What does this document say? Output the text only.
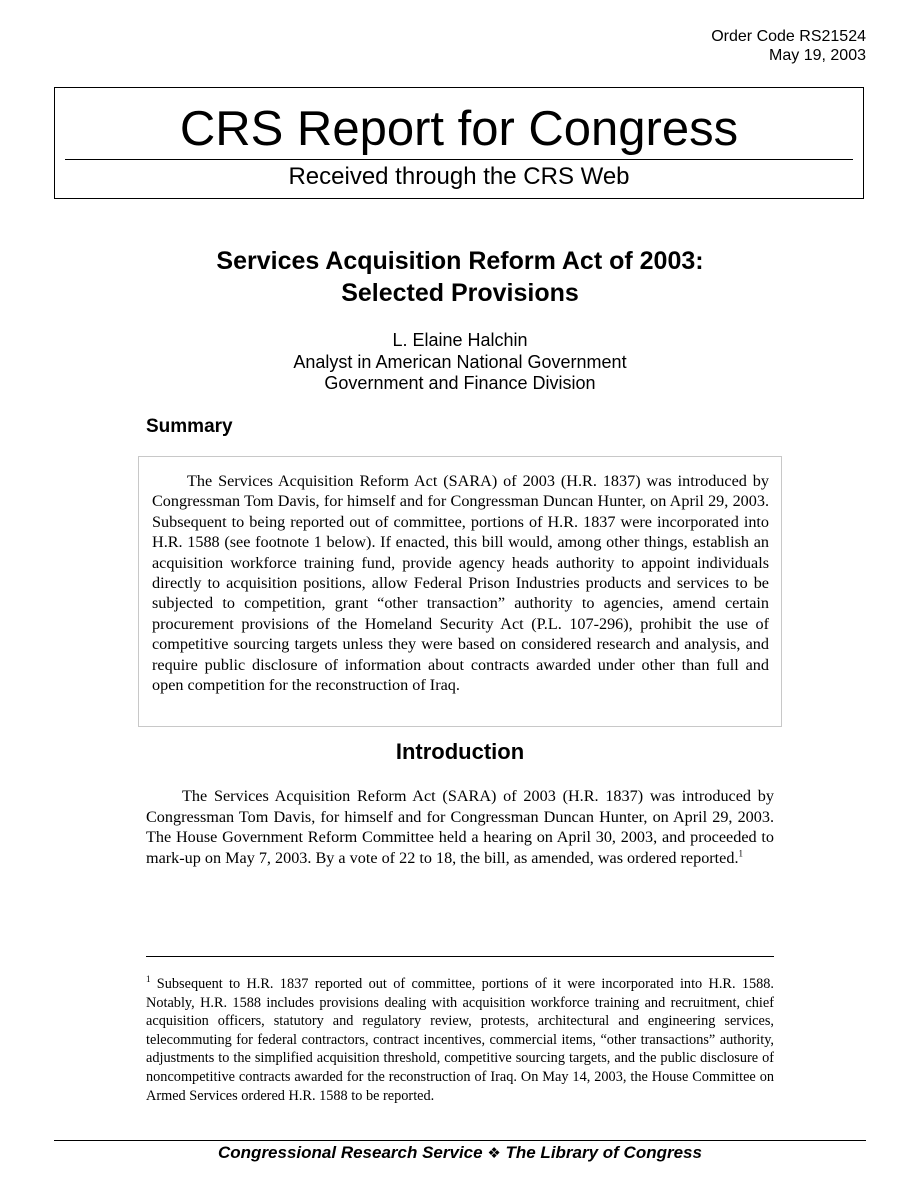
Order Code RS21524
May 19, 2003
CRS Report for Congress
Received through the CRS Web
Services Acquisition Reform Act of 2003:
Selected Provisions
L. Elaine Halchin
Analyst in American National Government
Government and Finance Division
Summary

The Services Acquisition Reform Act (SARA) of 2003 (H.R. 1837) was introduced by Congressman Tom Davis, for himself and for Congressman Duncan Hunter, on April 29, 2003. Subsequent to being reported out of committee, portions of H.R. 1837 were incorporated into H.R. 1588 (see footnote 1 below). If enacted, this bill would, among other things, establish an acquisition workforce training fund, provide agency heads authority to appoint individuals directly to acquisition positions, allow Federal Prison Industries products and services to be subjected to competition, grant “other transaction” authority to agencies, amend certain procurement provisions of the Homeland Security Act (P.L. 107-296), prohibit the use of competitive sourcing targets unless they were based on considered research and analysis, and require public disclosure of information about contracts awarded under other than full and open competition for the reconstruction of Iraq.

Introduction

The Services Acquisition Reform Act (SARA) of 2003 (H.R. 1837) was introduced by Congressman Tom Davis, for himself and for Congressman Duncan Hunter, on April 29, 2003. The House Government Reform Committee held a hearing on April 30, 2003, and proceeded to mark-up on May 7, 2003. By a vote of 22 to 18, the bill, as amended, was ordered reported.$^1$

$^1$ Subsequent to H.R. 1837 reported out of committee, portions of it were incorporated into H.R. 1588. Notably, H.R. 1588 includes provisions dealing with acquisition workforce training and recruitment, chief acquisition officers, statutory and regulatory review, protests, architectural and engineering services, telecommuting for federal contractors, contract incentives, commercial items, “other transactions” authority, adjustments to the simplified acquisition threshold, competitive sourcing targets, and the public disclosure of noncompetitive contracts awarded for the reconstruction of Iraq. On May 14, 2003, the House Committee on Armed Services ordered H.R. 1588 to be reported.

Congressional Research Service ❖ The Library of Congress
